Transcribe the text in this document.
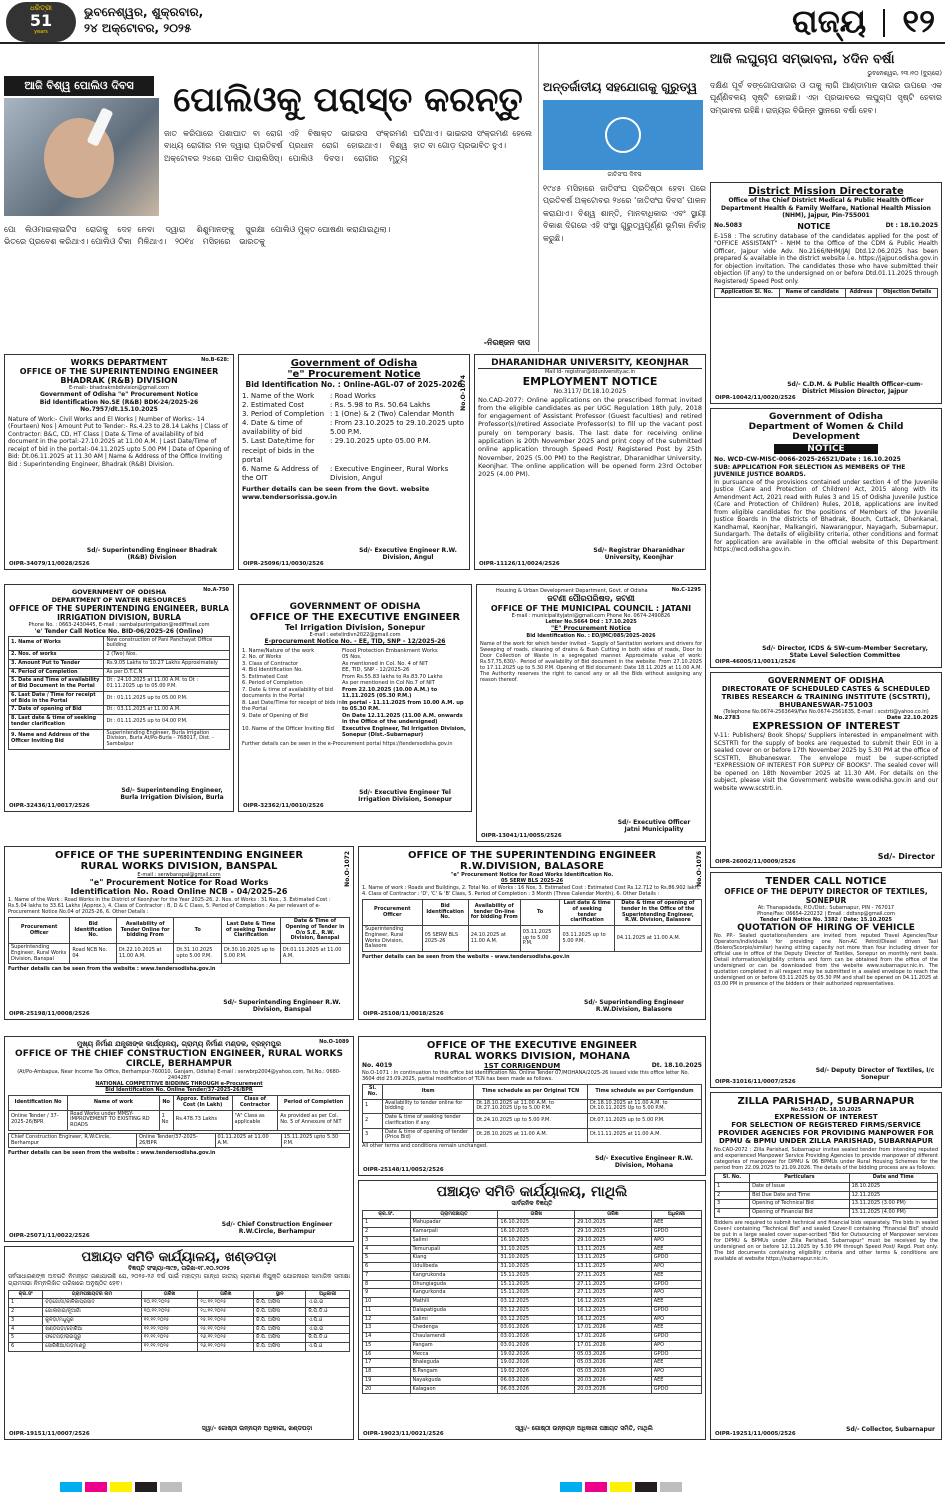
ଧରିତ୍ରୀ
51
years
ଭୁବନେଶ୍ୱର, ଶୁକ୍ରବାର,
୨୪ ଅକ୍ଟୋବର, ୨୦୨୫	ରାଜ୍ୟ ୧୨
ଆଜି ବିଶ୍ୱ ପୋଲିଓ ଦିବସ	ପୋଲିଓକୁ ପରାସ୍ତ କରନ୍ତୁ
ଜାତ କରିପାରେ ପଶାଘାତ ବା ରୋଗ ବାଧ୍ୟ ରୋଗୀର ମଳ ଦ୍ୱାରା ପ୍ରତିବର୍ଷ ଅକ୍ଟୋବର ୨୪ରେ ପାଳିତ ପାରାଲିସିସ୍। ଏହି ବିଷାକ୍ତ ଭାଇରସ ସଂକ୍ରମଣ ପ୍ରଧାନ ରୋଗ ହୋଇଥାଏ। ବିଶ୍ୱ ପୋଲିଓ ଦିବସ। ରୋଗୀର ମୃତ୍ୟୁ ଘଟିଥାଏ। ଭାଇରସ ସଂକ୍ରମଣ ହେଲେ ହାତ ବା ଗୋଡ଼ ପ୍ରଭାବିତ ହୁଏ।
ପୋ ଲିଓମାଇଲାଇଟିସ ରୋଗକୁ ଦେହ ଭିତରେ ପ୍ରବେଶ କରିଥାଏ। ପୋଲିଓ ଟିକା ନେବା ଦ୍ୱାରା ଶିଶୁମାନଙ୍କୁ ସୁରକ୍ଷା ମିଳିଥାଏ। ୨୦୧୪ ମସିହାରେ ଭାରତକୁ ପୋଲିଓ ମୁକ୍ତ ଘୋଷଣା କରାଯାଇଥିଲା।
-ନିରଞ୍ଜନ ଦାସ
ଅନ୍ତର୍ଜାତୀୟ ସହଯୋଗକୁ ଗୁରୁତ୍ୱ
ଜାତିସଂଘ ଦିବସ
୧୯୪୫ ମସିହାରେ ଜାତିସଂଘ ପ୍ରତିଷ୍ଠା ହେବା ପରେ ପ୍ରତିବର୍ଷ ଅକ୍ଟୋବର ୨୪ରେ ‘ଜାତିସଂଘ ଦିବସ’ ପାଳନ କରାଯାଏ। ବିଶ୍ୱ ଶାନ୍ତି, ମାନବାଧିକାର ଏବଂ ସ୍ଥାୟୀ ବିକାଶ ଦିଗରେ ଏହି ସଂସ୍ଥା ଗୁରୁତ୍ୱପୂର୍ଣ୍ଣ ଭୂମିକା ନିର୍ବାହ କରୁଛି।
ଆଜି ଲଘୁଚାପ ସମ୍ଭାବନା, ୪ଦିନ ବର୍ଷା
ଭୁବନେଶ୍ୱର, ୨୩।୧୦ (ବ୍ୟୁରୋ)
ଦକ୍ଷିଣ ପୂର୍ବ ବଙ୍ଗୋପସାଗର ଓ ତାକୁ ଲାଗି ଆଣ୍ଡାମାନ ସାଗର ଉପରେ ଏକ ଘୂର୍ଣ୍ଣିବଳୟ ସୃଷ୍ଟି ହୋଇଛି। ଏହା ପ୍ରଭାବରେ ଲଘୁଚାପ ସୃଷ୍ଟି ହେବାର ସମ୍ଭାବନା ରହିଛି। ରାଜ୍ୟର ବିଭିନ୍ନ ସ୍ଥାନରେ ବର୍ଷା ହେବ।
District Mission Directorate
Office of the Chief District Medical & Public Health Officer Department Health & Family Welfare, National Health Mission (NHM), Jajpur, Pin-755001
No.5083	NOTICE	Dt : 18.10.2025
E-158 : The scrutiny database of the candidates applied for the post of "OFFICE ASSISTANT" - NHM to the Office of the CDM & Public Health Officer, Jajpur vide Adv. No.2166/NHM/JAJ Dtd.12.06.2025 has been prepared & available in the district website i.e. https://jajpur.odisha.gov.in for objection invitation. The candidates those who have submitted their objection (if any) to the undersigned on or before Dtd.01.11.2025 through Registered/ Speed Post only.
Application Sl. No.	Name of candidate	Address	Objection Details
Sd/- C.D.M. & Public Health Officer-cum-District Mission Director, Jajpur
OIPR-10042/11/0020/2526
Government of Odisha
Department of Women & Child Development
NOTICE
No. WCD-CW-MISC-0066-2025-26521/Date : 16.10.2025
SUB: APPLICATION FOR SELECTION AS MEMBERS OF THE JUVENILE JUSTICE BOARDS.
In pursuance of the provisions contained under section 4 of the Juvenile Justice (Care and Protection of Children) Act, 2015 along with its Amendment Act, 2021 read with Rules 3 and 15 of Odisha Juvenile Justice (Care and Protection of Children) Rules, 2018, applications are invited from eligible candidates for the positions of Members of the Juvenile Justice Boards in the districts of Bhadrak, Bouch, Cuttack, Dhenkanal, Kandhamal, Keonjhar, Malkangiri, Nawarangpur, Nayagarh, Subarnapur, Sundargarh. The details of eligibility criteria, other conditions and format for application are available in the official website of this Department https://wcd.odisha.gov.in.
Sd/- Director, ICDS & SW-cum-Member Secretary, State Level Selection Committee
OIPR-46005/11/0011/2526
No.B-628:
WORKS DEPARTMENT
OFFICE OF THE SUPERINTENDING ENGINEER
BHADRAK (R&B) DIVISION
E-mail:- bhadrakrnbdivision@gmail.com
Government of Odisha "e" Procurement Notice
Bid Identification No.SE (R&B) BDK-24/2025-26 No.7957/dt.15.10.2025
Nature of Work:- Civil Works and El Works | Number of Works:- 14 (Fourteen) Nos | Amount Put to Tender:- Rs.4.23 to 28.14 Lakhs | Class of Contractor: B&C, CD, HT Class | Date & Time of availability of bid document in the portal:-27.10.2025 at 11.00 A.M. | Last Date/Time of receipt of bid in the portal:-04.11.2025 upto 5.00 PM | Date of Opening of Bid: Dt.06.11.2025 at 11.30 AM | Name & Address of the Office Inviting Bid : Superintending Engineer, Bhadrak (R&B) Division.
Sd/- Superintending Engineer Bhadrak (R&B) Division
OIPR-34079/11/0028/2526
Government of Odisha
"e" Procurement Notice
Bid Identification No. : Online-AGL-07 of 2025-2026
1. Name of the Work	: Road Works
2. Estimated Cost	: Rs. 5.98 to Rs. 50.64 Lakhs
3. Period of Completion : 1 (One) & 2 (Two) Calendar Month
4. Date & time of availability of bid
: From 23.10.2025 to 29.10.2025 upto 5.00 P.M.
5. Last Date/time for receipt of bids in the portal
: 29.10.2025 upto 05.00 P.M.
6. Name & Address of the OIT
: Executive Engineer, Rural Works Division, Angul
Further details can be seen from the Govt. website www.tendersorissa.gov.in
No.O-1074
Sd/- Executive Engineer R.W. Division, Angul
OIPR-25096/11/0030/2526
DHARANIDHAR UNIVERSITY, KEONJHAR
Mail Id- registrar@dduniversity.ac.in
EMPLOYMENT NOTICE
No.3117/ Dt.18.10.2025
No.CAD-2077: Online applications on the prescribed format invited from the eligible candidates as per UGC Regulation 18th July, 2018 for engagement of Assistant Professor (Guest faculties) and retired Professor(s)/retired Associate Professor(s) to fill up the vacant post purely on temporary basis. The last date for receiving online application is 20th November 2025 and print copy of the submitted online application through Speed Post/ Registered Post by 25th November, 2025 (5.00 PM) to the Registrar, Dharanidhar University, Keonjhar. The online application will be opened form 23rd October 2025 (4.00 PM).
Sd/- Registrar Dharanidhar University, Keonjhar
OIPR-11126/11/0024/2526
No.A-750
GOVERNMENT OF ODISHA
DEPARTMENT OF WATER RESOURCES
OFFICE OF THE SUPERINTENDING ENGINEER, BURLA IRRIGATION DIVISION, BURLA
Phone No. : 0663-2430445, E-mail : sambalpurirrigation@rediffmail.com
'e' Tender Call Notice No. BID-06/2025-26 (Online)
1. Name of Works	New construction of Pani Panchayat Office building
2. Nos. of works	2 (Two) Nos.
3. Amount Put to Tender	Rs.9.05 Lakhs to 10.27 Lakhs Approximately
4. Period of Completion	As per D.T.C.N
5. Date and Time of availability of Bid Document in the Portal	Dt : 24.10.2025 at 11.00 A.M. to Dt : 01.11.2025 up to 05.00 P.M.
6. Last Date / Time for receipt of Bids in the Portal	Dt : 01.11.2025 up to 05.00 P.M.
7. Date of opening of Bid	Dt : 03.11.2025 at 11.00 A.M.
8. Last date & time of seeking tender clarification	Dt : 01.11.2025 up to 04.00 P.M.
9. Name and Address of the Officer Inviting Bid	Superintending Engineer, Burla Irrigation Division, Burla At/Po-Burla - 768017, Dist. - Sambalpur
Sd/- Superintending Engineer, Burla Irrigation Division, Burla
OIPR-32436/11/0017/2526
GOVERNMENT OF ODISHA
OFFICE OF THE EXECUTIVE ENGINEER
Tel Irrigation Division, Sonepur
E-mail : eetelirdivn2022@gmail.com
E-procurement Notice No. - EE, TID, SNP - 12/2025-26
1. Name/Nature of the work	Flood Protection Embankment Works
2. No. of Works	05 Nos.
3. Class of Contractor	As mentioned in Col. No. 4 of NIT
4. Bid Identification No.	EE, TID, SNP - 12/2025-26
5. Estimated Cost	From Rs.55.83 lakhs to Rs.83.70 Lakhs
6. Period of Completion	As per mentioned in Col No.7 of NIT
7. Date & time of availability of bid documents in the Portal
From 22.10.2025 (10.00 A.M.) to 11.11.2025 (05.30 P.M.)
8. Last Date/Time for receipt of bids in the Portal
In portal - 11.11.2025 from 10.00 A.M. up to 05.30 P.M.
9. Date of Opening of Bid	On Date 12.11.2025 (11.00 A.M. onwards in the Office of the undersigned)
10. Name of the Officer Inviting Bid	Executive Engineer, Tel Irrigation Division, Sonepur (Dist.-Subarnapur)
Further details can be seen in the e-Procurement portal https://tendersodisha.gov.in
Sd/- Executive Engineer Tel Irrigation Division, Sonepur
OIPR-32362/11/0010/2526
No.C-1295
Housing & Urban Development Department, Govt. of Odisha
ଜଟଣୀ ପୌରପରିଷଦ, ଜଟଣୀ
OFFICE OF THE MUNICIPAL COUNCIL : JATANI
E-mail : municipalityjatni@gmail.com Phone No. 0674-2490826
Letter No.5664 Dtd : 17.10.2025
"E" Procurement Notice
Bid Identification No. : EO/JMC/085/2025-2026
Name of the work for which tender invited - Supply of Sanitation workers and drivers for Sweeping of roads, cleaning of drains & Bush Cutting in both sides of roads, Door to Door Collection of Waste in a segregated manner. Approximate value of work: Rs.57,75,630/-. Period of availability of Bid document in the website: From 27.10.2025 to 17.11.2025 up to 5.30 P.M. Opening of Bid document: Date 18.11.2025 at 11.00 A.M. The Authority reserves the right to cancel any or all the Bids without assigning any reason thereof.
Sd/- Executive Officer Jatni Municipality
OIPR-13041/11/0055/2526
GOVERNMENT OF ODISHA
DIRECTORATE OF SCHEDULED CASTES & SCHEDULED TRIBES RESEARCH & TRAINING INSTITUTE (SCSTRTI), BHUBANESWAR-751003
(Telephone No.0674-2563649/Fax No.0674-2561635, E-mail : scstrti@yahoo.co.in)
No.2783	Date 22.10.2025
EXPRESSION OF INTEREST
V-11: Publishers/ Book Shops/ Suppliers interested in empanelment with SCSTRTI for the supply of books are requested to submit their EOI in a sealed cover on or before 17th November 2025 by 5.30 PM at the office of SCSTRTI, Bhubaneswar. The envelope must be super-scripted "EXPRESSION OF INTEREST FOR SUPPLY OF BOOKS". The sealed cover will be opened on 18th November 2025 at 11.30 AM. For details on the subject, please visit the Government website www.odisha.gov.in and our website www.scstrti.in.
Sd/- Director
OIPR-26002/11/0009/2526
OFFICE OF THE SUPERINTENDING ENGINEER
RURAL WORKS DIVISION, BANSPAL
E-mail : serwbanspal@gmail.com
"e" Procurement Notice for Road Works
Identification No. Road Online NCB - 04/2025-26
1. Name of the Work : Road Works in the District of Keonjhar for the Year 2025-26, 2. Nos. of Works : 31 Nos., 3. Estimated Cost : Rs.5.04 lakhs to 33.61 Lakhs (Approx.), 4. Class of Contractor : B, D & C Class, 5. Period of Completion : As per relevant of e-Procurement Notice No.04 of 2025-26, 6. Other Details :
Procurement Officer	Bid Identification No.	Availability of Tender Online for bidding From	To	Last Date & Time of seeking Tender Clarification	Date & Time of Opening of Tender in O/o S.E., R.W. Division, Banspal
Superintending Engineer, Rural Works Division, Banspal	Road NCB No. 04	Dt.22.10.2025 at 11.00 A.M.	Dt.31.10.2025 upto 5.00 P.M.	Dt.30.10.2025 up to 5.00 P.M.	Dt.01.11.2025 at 11.00 A.M.
Further details can be seen from the website : www.tendersodisha.gov.in
No.O-1072
Sd/- Superintending Engineer R.W. Division, Banspal
OIPR-25198/11/0008/2526
OFFICE OF THE SUPERINTENDING ENGINEER
R.W.DIVISION, BALASORE
"e" Procurement Notice for Road Works Identification No.
05 SERW BLS 2025-26
1. Name of work : Roads and Buildings, 2. Total No. of Works : 16 Nos, 3. Estimated Cost : Estimated Cost Rs.12.712 to Rs.86.902 lakh, 4. Class of Contractor : 'D', 'C' & 'B' Class, 5. Period of Completion : 3 Month (Three Calendar Month), 6. Other Details :
Procurement Officer	Bid Identification No.	Availability of tender On-line for bidding From	To	Last date & time of seeking tender clarification	Date & time of opening of tender in the Office of the Superintending Engineer, R.W. Division, Balasore
Superintending Engineer, Rural Works Division, Balasore	05 SERW BLS 2025-26	24.10.2025 at 11.00 A.M.	03.11.2025 up to 5.00 P.M.	03.11.2025 up to 5.00 P.M.	04.11.2025 at 11.00 A.M.
Further details can be seen from the website - www.tendersodisha.gov.in
No.O-1076
Sd/- Superintending Engineer R.W.Division, Balasore
OIPR-25108/11/0018/2526
TENDER CALL NOTICE
OFFICE OF THE DEPUTY DIRECTOR OF TEXTILES, SONEPUR
At: Thanapadada, P.O./Dist.: Subarnapur, PIN - 767017
Phone/Fax: 06654-220232 | Email : ddtsnp@gmail.com
Tender Call Notice No. 3382 / Date: 15.10.2025
QUOTATION OF HIRING OF VEHICLE
No. PP.- Sealed quotations/tenders are invited from reputed Travel Agencies/Tour Operators/individuals for providing one Non-AC Petrol/Diesel driven Taxi (Bolero/Scorpio/similar) having sitting capacity not more than four including driver for official use in office of the Deputy Director of Textiles, Sonepur on monthly rent basis. Detail information/eligibility criteria and form can be obtained from the office of the undersigned or can be downloaded from the website www.subarnapur.nic.in. The quotation completed in all respect may be submitted in a sealed envelope to reach the undersigned on or before 03.11.2025 by 05.30 PM and shall be opened on 04.11.2025 at 03.00 PM in presence of the bidders or their authorized representatives.
Sd/- Deputy Director of Textiles, I/c Sonepur
OIPR-31016/11/0007/2526
No.O-1089
ମୁଖ୍ୟ ନିର୍ମାଣ ଯନ୍ତ୍ରୀଙ୍କ କାର୍ଯ୍ୟାଳୟ, ଗ୍ରାମ୍ୟ ନିର୍ମାଣ ମଣ୍ଡଳ, ବ୍ରହ୍ମପୁର
OFFICE OF THE CHIEF CONSTRUCTION ENGINEER, RURAL WORKS CIRCLE, BERHAMPUR
(At/Po-Ambapua, Near Income Tax Office, Berhampur-760010, Ganjam, Odisha) E-mail : serwbrp2004@yahoo.com, Tel.No.: 0680-2404287
NATIONAL COMPETITIVE BIDDING THROUGH e-Procurement
Bid Identification No. Online Tender/37-2025-26/BPR
Identification No	Name of work	No	Approx. Estimated Cost (In Lakh)	Class of Contractor	Period of Completion
Online Tender / 37-2025-26/BPR	Road Works under MMSY- IMPROVEMENT TO EXISTING RD ROADS	1 No	Rs.478.73 Lakhs	"A" Class as applicable	As provided as per Col. No. 5 of Annexure of NIT
Chief Construction Engineer, R.W.Circle, Berhampur	Online Tender/37-2025-26/BPR	01.11.2025 at 11.00 A.M.	15.11.2025 upto 5.30 P.M.
Further details can be seen from the website : www.tendersodisha.gov.in
Sd/- Chief Construction Engineer R.W.Circle, Berhampur
OIPR-25071/11/0022/2526
OFFICE OF THE EXECUTIVE ENGINEER
RURAL WORKS DIVISION, MOHANA
No. 4019	1ST CORRIGENDUM	Dt. 18.10.2025
No.O-1071 : In continuation to this office bid identification No. Online Tender 07/MOHANA/2025-26 issued vide this office letter No. 3604 dtd 23.09.2025, partial modification of TCN has been made as follows.
Sl. No.	Item	Time schedule as per Original TCN	Time schedule as per Corrigendum
1	Availability to tender online for bidding	Dt.18.10.2025 at 11.00 A.M. to Dt.27.10.2025 Up to 5.00 P.M.	Dt.18.10.2025 at 11.00 A.M. to Dt.10.11.2025 Up to 5.00 P.M.
2	Date & time of seeking tender clarification if any	Dt.24.10.2025 up to 5.00 P.M.	Dt.07.11.2025 up to 5.00 P.M.
3	Date & time of opening of tender (Price Bid)	Dt.28.10.2025 at 11.00 A.M.	Dt.11.11.2025 at 11.00 A.M.
All other terms and conditions remain unchanged.
Sd/- Executive Engineer R.W. Division, Mohana
OIPR-25148/11/0052/2526
ZILLA PARISHAD, SUBARNAPUR
No.5453 / Dt. 18.10.2025
EXPRESSION OF INTEREST
FOR SELECTION OF REGISTERED FIRMS/SERVICE PROVIDER AGENCIES FOR PROVIDING MANPOWER FOR DPMU & BPMU UNDER ZILLA PARISHAD, SUBARNAPUR
No.CAD-2072 : Zilla Parishad, Subarnapur invites sealed tender from intending reputed and experienced Manpower Service Providing Agencies to provide manpower of different categories of manpower for DPMU & 06 BPMUs under Rural Housing Schemes for the period from 22.09.2025 to 21.09.2026. The details of the bidding process are as follows:
Sl. No.	Particulars	Date and Time
1	Date of Issue	18.10.2025
2	Bid Due Date and Time	12.11.2025
3	Opening of Technical Bid	13.11.2025 (3.00 PM)
4	Opening of Financial Bid	13.11.2025 (4.00 PM)
Bidders are required to submit technical and financial bids separately. The bids in sealed Cover-I containing "Technical Bid" and sealed Cover-II containing "Financial Bid" should be put in a large sealed cover super-scribed "Bid for Outsourcing of Manpower services for DPMU & BPMUs under Zilla Parishad, Subarnapur" must be received by the undersigned on or before 12.11.2025 by 5.30 PM through Speed Post/ Regd. Post only. The bid documents containing eligibility criteria and other terms & conditions are available at website https://subarnapur.nic.in.
Sd/- Collector, Subarnapur
OIPR-19251/11/0005/2526
ପଞ୍ଚାୟତ ସମିତି କାର୍ଯ୍ୟାଳୟ, ମାଥିଲି
ସାର୍ବଜନିକ ବିଜ୍ଞପ୍ତି
କ୍ର.ସଂ.	ଗ୍ରାମପଞ୍ଚାୟତ	ତାରିଖ	ତାରିଖ	ଅଧିକାରୀ
1	Mahupadar	16.10.2025	29.10.2025	AEE
2	Kamarpali	16.10.2025	29.10.2025	GPDO
3	Salimi	16.10.2025	29.10.2025	APO
4	Temurupali	31.10.2025	13.11.2025	AEE
5	Kiang	31.10.2025	13.11.2025	GPDO
6	Udulibeda	31.10.2025	13.11.2025	APO
7	Kangrukonda	15.11.2025	27.11.2025	AEE
8	Dhungiaguda	15.11.2025	27.11.2025	GPDO
9	Kangurkonda	15.11.2025	27.11.2025	APO
10	Mathili	03.12.2025	16.12.2025	AEE
11	Dalapatiguda	03.12.2025	16.12.2025	GPDO
12	Salimi	03.12.2025	16.12.2025	APO
13	Chedenga	03.01.2026	17.01.2026	AEE
14	Chaulamendi	03.01.2026	17.01.2026	GPDO
15	Pangam	03.01.2026	17.01.2026	APO
16	Mecca	19.02.2026	05.03.2026	GPDO
17	Bhaleguda	19.02.2026	05.03.2026	AEE
18	B.Pangam	19.02.2026	05.03.2026	APO
19	Nayakguda	06.03.2026	20.03.2026	AEE
20	Kalagaon	06.03.2026	20.03.2026	GPDO
ସ୍ୱା/- ଗୋଷ୍ଠୀ ଉନ୍ନୟନ ଅଧିକାରୀ ପଞ୍ଚାୟତ ସମିତି, ମାଥିଲି
OIPR-19023/11/0021/2526
ପଞ୍ଚାୟତ ସମିତି କାର୍ଯ୍ୟାଳୟ, ଖଣ୍ଡପଡ଼ା
ବିଜ୍ଞପ୍ତି ସଂଖ୍ୟା-୩୯୭, ତାରିଖ-୧୮.୧୦.୨୦୨୫
ସର୍ବସାଧାରଣଙ୍କ ଅବଗତି ନିମନ୍ତେ ଜଣାଯାଉଛି ଯେ, ୨୦୨୫-୨୬ ବର୍ଷ ପାଇଁ ମହାତ୍ମା ଗାନ୍ଧୀ ଜାତୀୟ ଗ୍ରାମୀଣ ନିଯୁକ୍ତି ଯୋଜନାରେ ସାମାଜିକ ସମୀକ୍ଷା ଗ୍ରାମସଭା ନିମ୍ନଲିଖିତ ତାରିଖରେ ଅନୁଷ୍ଠିତ ହେବ।
କ୍ର.ସଂ	ଗ୍ରାମପଞ୍ଚାୟତର ନାମ	ତାରିଖ	ତାରିଖ	ସ୍ଥାନ	ଅଧିକାରୀ
1	ବଡ଼ଗୋଦା/କାଳିକାପ୍ରସାଦ	୧୦.୧୧.୨୦୨୫	୨୪.୧୧.୨୦୨୫	ଜି.ପି. ଅଫିସ	ଏ.ଇ.ଇ
2	ଗୋଲାବାଇ/ନୂଆଗାଁ	୧୦.୧୧.୨୦୨୫	୨୪.୧୧.୨୦୨୫	ଜି.ପି. ଅଫିସ	ଜି.ପି.ଡି.ଓ
3	କୁଳଡ଼ା/ମଧୁପୁର	୧୧.୧୧.୨୦୨୫	୨୫.୧୧.୨୦୨୫	ଜି.ପି. ଅଫିସ	ଏ.ପି.ଓ
4	ଖଣ୍ଡପଡ଼ା/ବୋରିଆ	୧୧.୧୧.୨୦୨୫	୨୫.୧୧.୨୦୨୫	ଜି.ପି. ଅଫିସ	ଏ.ଇ.ଇ
5	ଫତେଗଡ଼/ରାଇଗୁରୁ	୧୨.୧୧.୨୦୨୫	୨୬.୧୧.୨୦୨୫	ଜି.ପି. ଅଫିସ	ଜି.ପି.ଡି.ଓ
6	ସୋରିଶିଆ/ଗଡ଼ମାଣ୍ଡୁ	୧୨.୧୧.୨୦୨୫	୨୬.୧୧.୨୦୨୫	ଜି.ପି. ଅଫିସ	ଏ.ପି.ଓ
ସ୍ୱା/- ଗୋଷ୍ଠୀ ଉନ୍ନୟନ ଅଧିକାରୀ, ଖଣ୍ଡପଡ଼ା
OIPR-19151/11/0007/2526
